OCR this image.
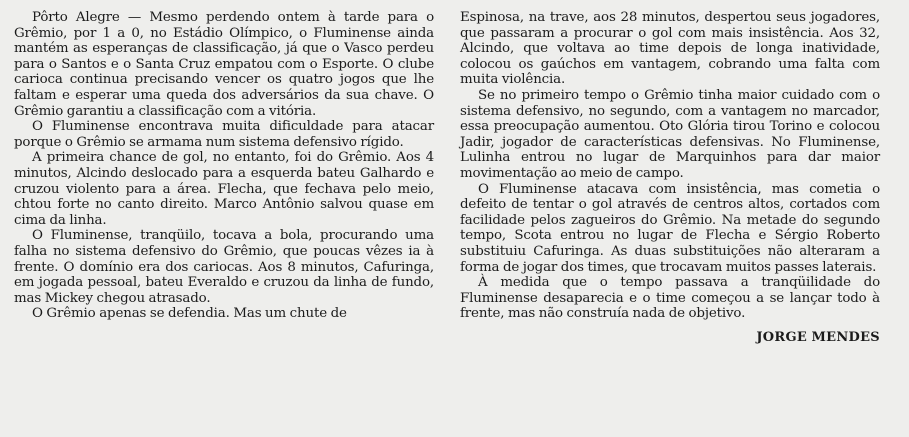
Pôrto Alegre — Mesmo perdendo ontem à tarde para o Grêmio, por 1 a 0, no Estádio Olímpico, o Fluminense ainda mantém as esperanças de classificação, já que o Vasco perdeu para o Santos e o Santa Cruz empatou com o Esporte. O clube carioca continua precisando vencer os quatro jogos que lhe faltam e esperar uma queda dos adversários da sua chave. O Grêmio garantiu a classificação com a vitória.

O Fluminense encontrava muita dificuldade para atacar porque o Grêmio se armama num sistema defensivo rígido.

A primeira chance de gol, no entanto, foi do Grêmio. Aos 4 minutos, Alcindo deslocado para a esquerda bateu Galhardo e cruzou violento para a área. Flecha, que fechava pelo meio, chtou forte no canto direito. Marco Antônio salvou quase em cima da linha.

O Fluminense, tranqüilo, tocava a bola, procurando uma falha no sistema defensivo do Grêmio, que poucas vêzes ia à frente. O domínio era dos cariocas. Aos 8 minutos, Cafuringa, em jogada pessoal, bateu Everaldo e cruzou da linha de fundo, mas Mickey chegou atrasado.

O Grêmio apenas se defendia. Mas um chute de

Espinosa, na trave, aos 28 minutos, despertou seus jogadores, que passaram a procurar o gol com mais insistência. Aos 32, Alcindo, que voltava ao time depois de longa inatividade, colocou os gaúchos em vantagem, cobrando uma falta com muita violência.

Se no primeiro tempo o Grêmio tinha maior cuidado com o sistema defensivo, no segundo, com a vantagem no marcador, essa preocupação aumentou. Oto Glória tirou Torino e colocou Jadir, jogador de características defensivas. No Fluminense, Lulinha entrou no lugar de Marquinhos para dar maior movimentação ao meio de campo.

O Fluminense atacava com insistência, mas cometia o defeito de tentar o gol através de centros altos, cortados com facilidade pelos zagueiros do Grêmio. Na metade do segundo tempo, Scota entrou no lugar de Flecha e Sérgio Roberto substituiu Cafuringa. As duas substituições não alteraram a forma de jogar dos times, que trocavam muitos passes laterais.

À medida que o tempo passava a tranqüilidade do Fluminense desaparecia e o time começou a se lançar todo à frente, mas não construía nada de objetivo.

JORGE MENDES
